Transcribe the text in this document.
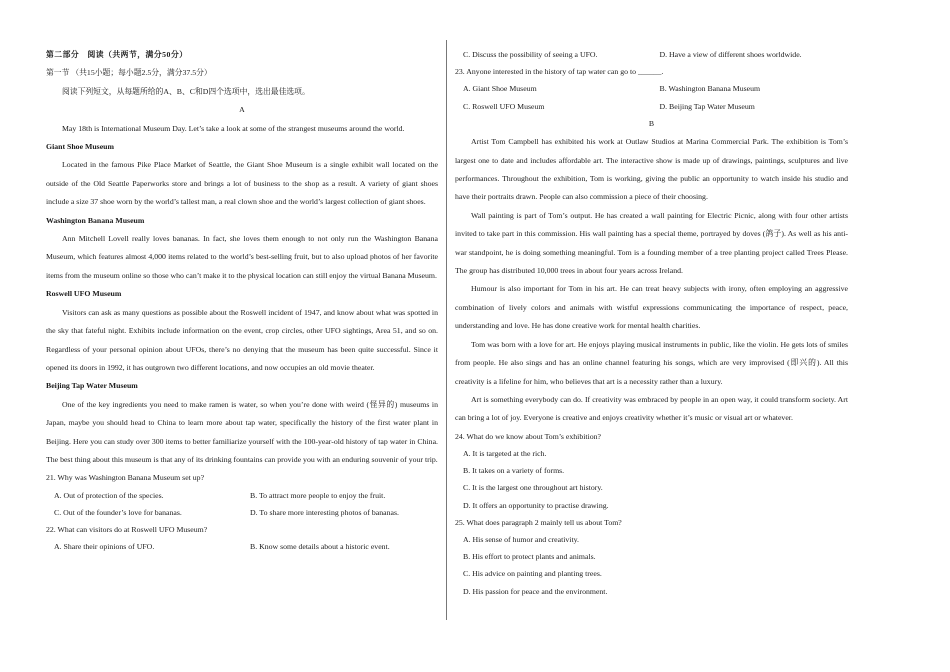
第二部分　阅读（共两节，满分50分）

第一节 （共15小题；每小题2.5分，满分37.5分）

阅读下列短文，从每题所给的A、B、C和D四个选项中，选出最佳选项。

A

May 18th is International Museum Day. Let’s take a look at some of the strangest museums around the world.

Giant Shoe Museum

Located in the famous Pike Place Market of Seattle, the Giant Shoe Museum is a single exhibit wall located on the outside of the Old Seattle Paperworks store and brings a lot of business to the shop as a result. A variety of giant shoes include a size 37 shoe worn by the world’s tallest man, a real clown shoe and the world’s largest collection of giant shoes.

Washington Banana Museum

Ann Mitchell Lovell really loves bananas. In fact, she loves them enough to not only run the Washington Banana Museum, which features almost 4,000 items related to the world’s best-selling fruit, but to also upload photos of her favorite items from the museum online so those who can’t make it to the physical location can still enjoy the virtual Banana Museum.

Roswell UFO Museum

Visitors can ask as many questions as possible about the Roswell incident of 1947, and know about what was spotted in the sky that fateful night. Exhibits include information on the event, crop circles, other UFO sightings, Area 51, and so on. Regardless of your personal opinion about UFOs, there’s no denying that the museum has been quite successful. Since it opened its doors in 1992, it has outgrown two different locations, and now occupies an old movie theater.

Beijing Tap Water Museum

One of the key ingredients you need to make ramen is water, so when you’re done with weird (怪异的) museums in Japan, maybe you should head to China to learn more about tap water, specifically the history of the first water plant in Beijing. Here you can study over 300 items to better familiarize yourself with the 100-year-old history of tap water in China. The best thing about this museum is that any of its drinking fountains can provide you with an enduring souvenir of your trip.

21. Why was Washington Banana Museum set up?

A. Out of protection of the species.	B. To attract more people to enjoy the fruit.
C. Out of the founder’s love for bananas.	D. To share more interesting photos of bananas.

22. What can visitors do at Roswell UFO Museum?

A. Share their opinions of UFO.	B. Know some details about a historic event.
C. Discuss the possibility of seeing a UFO.	D. Have a view of different shoes worldwide.

23. Anyone interested in the history of tap water can go to ______.

A. Giant Shoe Museum	B. Washington Banana Museum
C. Roswell UFO Museum	D. Beijing Tap Water Museum

B

Artist Tom Campbell has exhibited his work at Outlaw Studios at Marina Commercial Park. The exhibition is Tom’s largest one to date and includes affordable art. The interactive show is made up of drawings, paintings, sculptures and live performances. Throughout the exhibition, Tom is working, giving the public an opportunity to watch inside his studio and have their portraits drawn. People can also commission a piece of their choosing.

Wall painting is part of Tom’s output. He has created a wall painting for Electric Picnic, along with four other artists invited to take part in this commission. His wall painting has a special theme, portrayed by doves (鸽子). As well as his anti-war standpoint, he is doing something meaningful. Tom is a founding member of a tree planting project called Trees Please. The group has distributed 10,000 trees in about four years across Ireland.

Humour is also important for Tom in his art. He can treat heavy subjects with irony, often employing an aggressive combination of lively colors and animals with wistful expressions communicating the importance of respect, peace, understanding and love. He has done creative work for mental health charities.

Tom was born with a love for art. He enjoys playing musical instruments in public, like the violin. He gets lots of smiles from people. He also sings and has an online channel featuring his songs, which are very improvised (即兴的). All this creativity is a lifeline for him, who believes that art is a necessity rather than a luxury.

Art is something everybody can do. If creativity was embraced by people in an open way, it could transform society. Art can bring a lot of joy. Everyone is creative and enjoys creativity whether it’s music or visual art or whatever.

24. What do we know about Tom’s exhibition?

A. It is targeted at the rich.
B. It takes on a variety of forms.
C. It is the largest one throughout art history.
D. It offers an opportunity to practise drawing.

25. What does paragraph 2 mainly tell us about Tom?

A. His sense of humor and creativity.
B. His effort to protect plants and animals.
C. His advice on painting and planting trees.
D. His passion for peace and the environment.
